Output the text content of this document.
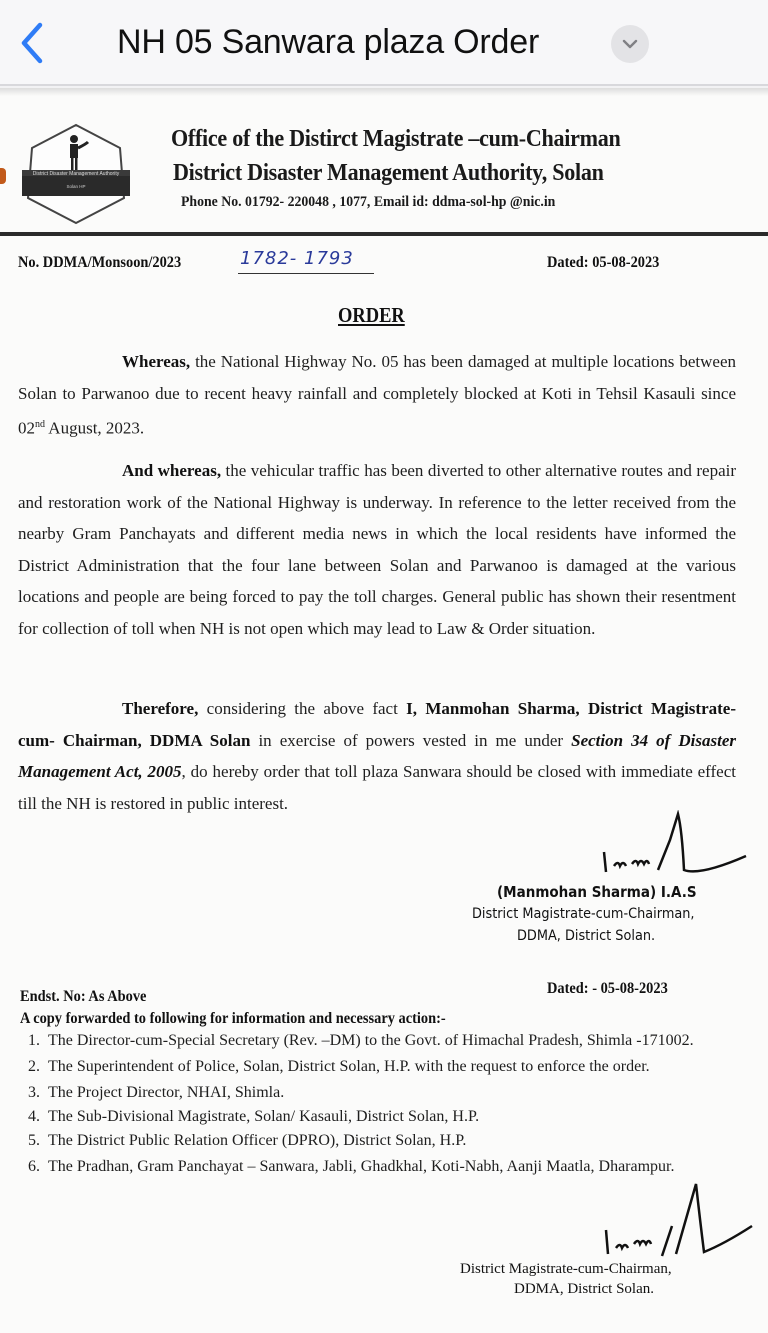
NH 05 Sanwara plaza Order
District Disaster Management Authority
Solan HP
Office of the Distirct Magistrate –cum-Chairman
District Disaster Management Authority, Solan
Phone No. 01792- 220048 , 1077, Email id: ddma-sol-hp @nic.in
No. DDMA/Monsoon/2023	1782- 1793	Dated: 05-08-2023
ORDER
Whereas, the National Highway No. 05 has been damaged at multiple locations between Solan to Parwanoo due to recent heavy rainfall and completely blocked at Koti in Tehsil Kasauli since 02nd August, 2023.
And whereas, the vehicular traffic has been diverted to other alternative routes and repair and restoration work of the National Highway is underway. In reference to the letter received from the nearby Gram Panchayats and different media news in which the local residents have informed the District Administration that the four lane between Solan and Parwanoo is damaged at the various locations and people are being forced to pay the toll charges. General public has shown their resentment for collection of toll when NH is not open which may lead to Law & Order situation.
Therefore, considering the above fact I, Manmohan Sharma, District Magistrate-cum- Chairman, DDMA Solan in exercise of powers vested in me under Section 34 of Disaster Management Act, 2005, do hereby order that toll plaza Sanwara should be closed with immediate effect till the NH is restored in public interest.
(Manmohan Sharma) I.A.S
District Magistrate-cum-Chairman,
DDMA, District Solan.
Endst. No: As Above	Dated: - 05-08-2023
A copy forwarded to following for information and necessary action:-
1. The Director-cum-Special Secretary (Rev. –DM) to the Govt. of Himachal Pradesh, Shimla -171002.
2. The Superintendent of Police, Solan, District Solan, H.P. with the request to enforce the order.
3. The Project Director, NHAI, Shimla.
4. The Sub-Divisional Magistrate, Solan/ Kasauli, District Solan, H.P.
5. The District Public Relation Officer (DPRO), District Solan, H.P.
6. The Pradhan, Gram Panchayat – Sanwara, Jabli, Ghadkhal, Koti-Nabh, Aanji Maatla, Dharampur.
District Magistrate-cum-Chairman,
DDMA, District Solan.
